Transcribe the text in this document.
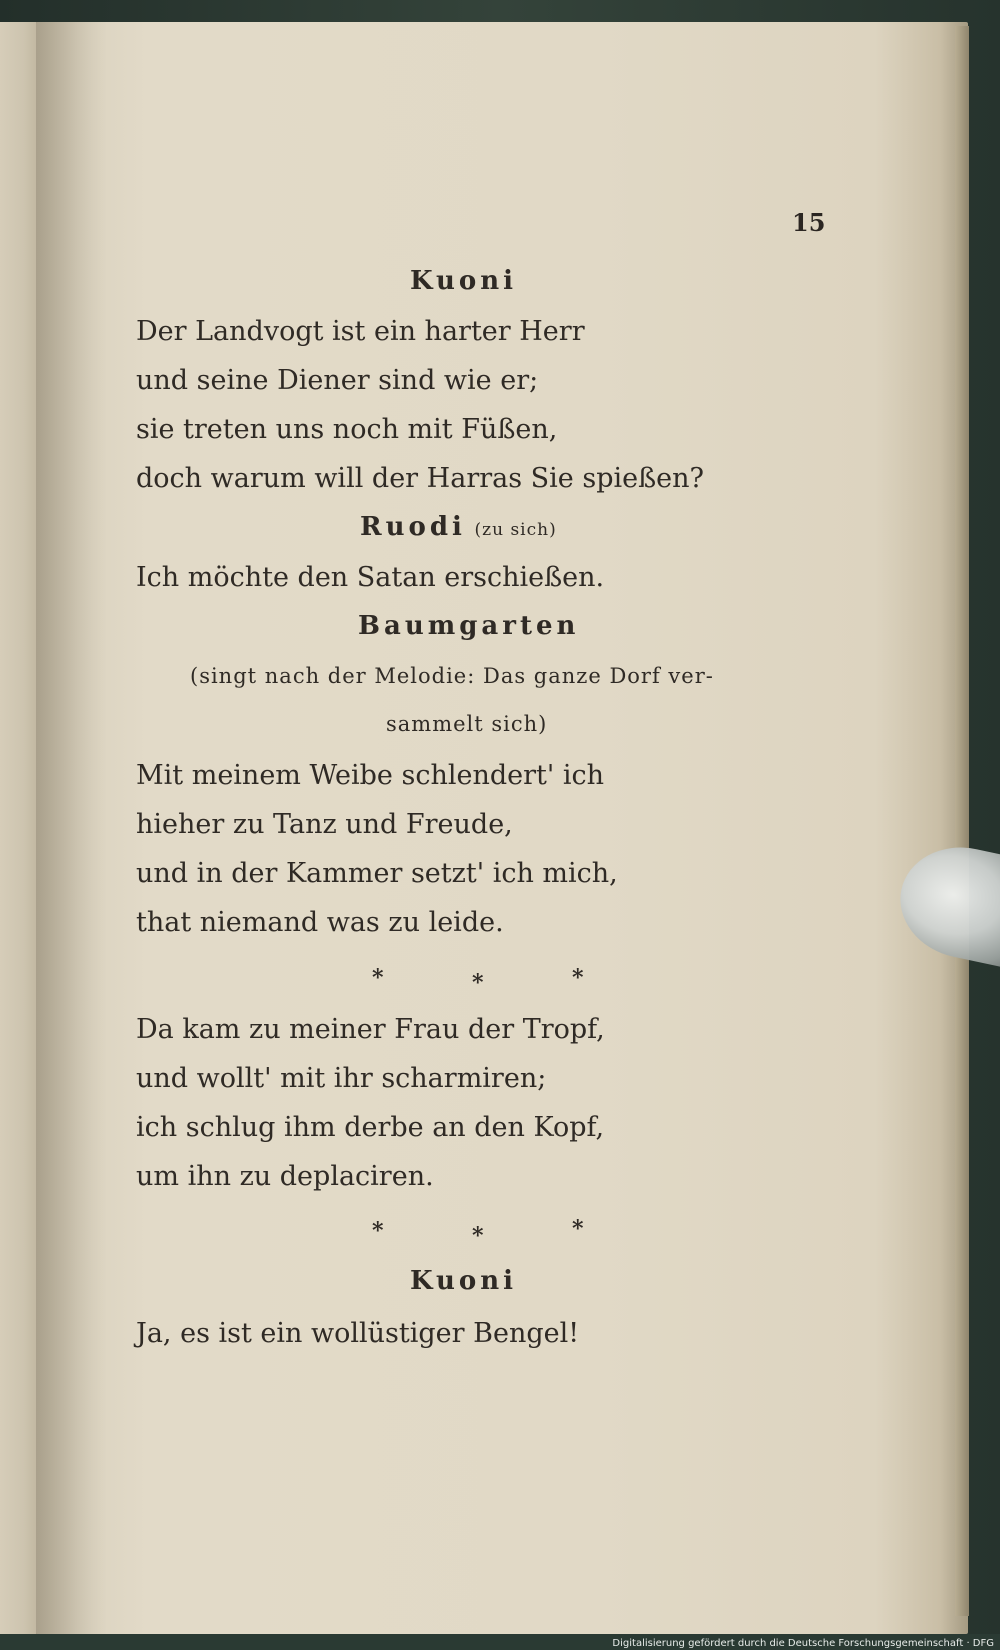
15
Kuoni
Der Landvogt ist ein harter Herr
und seine Diener sind wie er;
sie treten uns noch mit Füßen,
doch warum will der Harras Sie spießen?
Ruodi (zu sich)
Ich möchte den Satan erschießen.
Baumgarten
(singt nach der Melodie: Das ganze Dorf ver-
sammelt sich)
Mit meinem Weibe schlendert' ich
hieher zu Tanz und Freude,
und in der Kammer setzt' ich mich,
that niemand was zu leide.
*	*	*
Da kam zu meiner Frau der Tropf,
und wollt' mit ihr scharmiren;
ich schlug ihm derbe an den Kopf,
um ihn zu deplaciren.
*	*	*
Kuoni
Ja, es ist ein wollüstiger Bengel!
Digitalisierung gefördert durch die Deutsche Forschungsgemeinschaft · DFG
